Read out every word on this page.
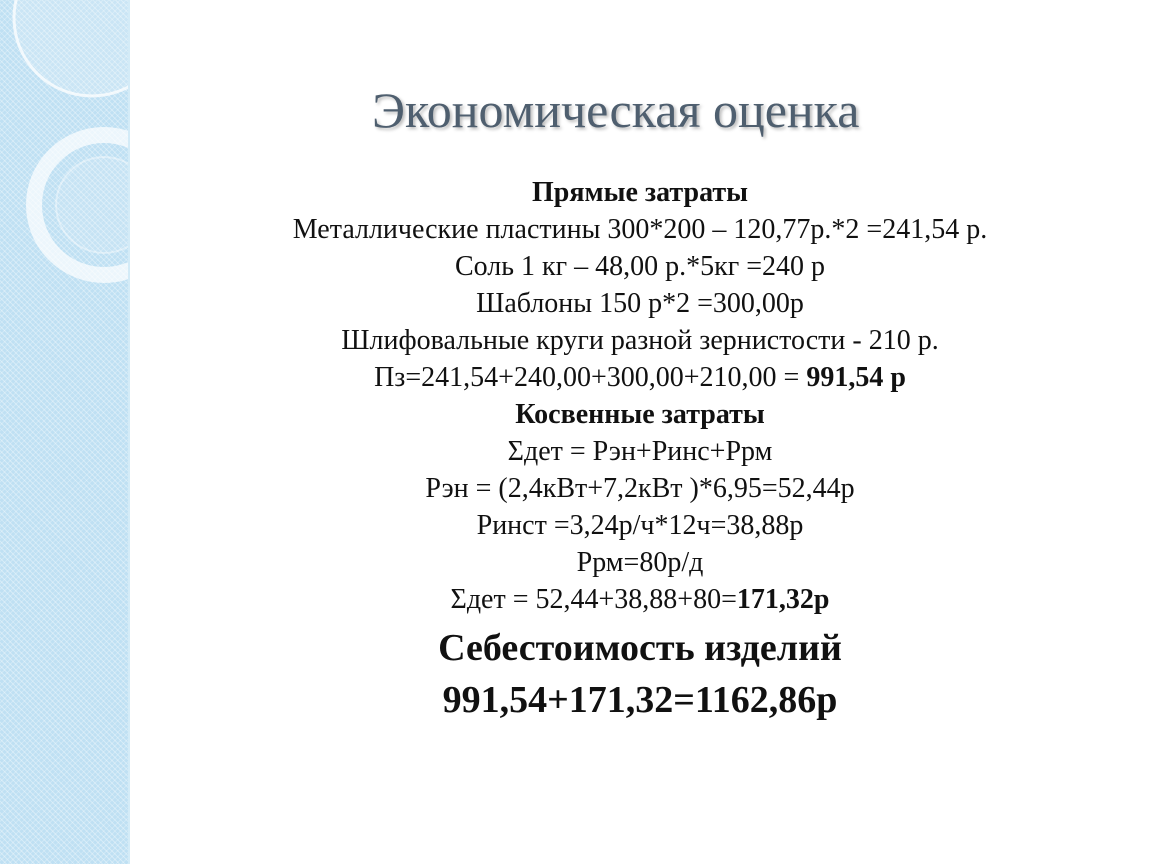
Экономическая оценка
Прямые затраты
Металлические пластины 300*200 – 120,77р.*2 =241,54 р.
Соль 1 кг – 48,00 р.*5кг =240 р
Шаблоны 150 р*2 =300,00р
Шлифовальные круги разной зернистости - 210 р.
Пз=241,54+240,00+300,00+210,00 = 991,54 р
Косвенные затраты
Ʃдет = Рэн+Ринс+Ррм
Рэн = (2,4кВт+7,2кВт )*6,95=52,44р
Ринст =3,24р/ч*12ч=38,88р
Ррм=80р/д
Ʃдет = 52,44+38,88+80=171,32р
Себестоимость изделий
991,54+171,32=1162,86р
